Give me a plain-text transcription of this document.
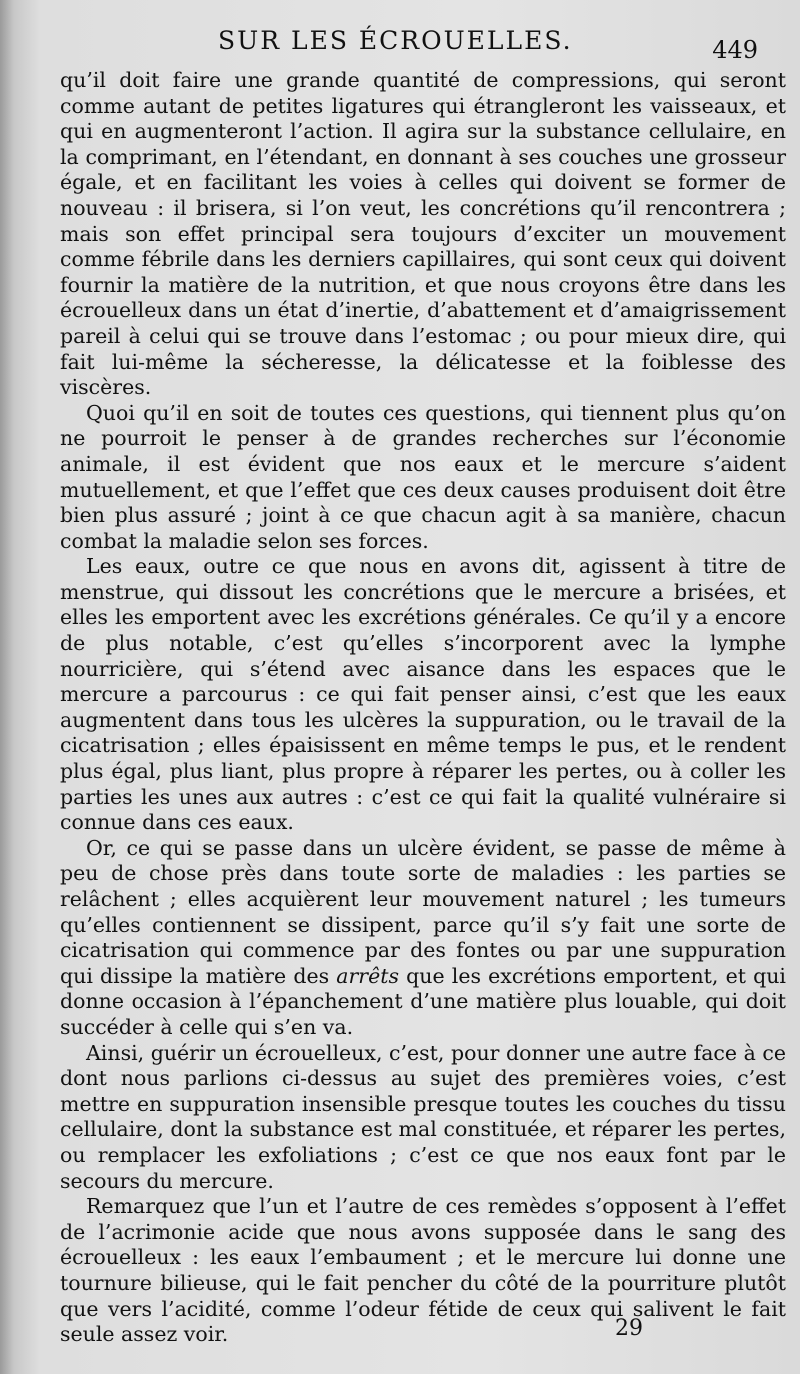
SUR LES ÉCROUELLES.	449

qu’il doit faire une grande quantité de compressions, qui seront comme autant de petites ligatures qui étrangleront les vaisseaux, et qui en augmenteront l’action. Il agira sur la substance cellulaire, en la comprimant, en l’étendant, en donnant à ses couches une grosseur égale, et en facilitant les voies à celles qui doivent se former de nouveau : il brisera, si l’on veut, les concrétions qu’il rencontrera ; mais son effet principal sera toujours d’exciter un mouvement comme fébrile dans les derniers capillaires, qui sont ceux qui doivent fournir la matière de la nutrition, et que nous croyons être dans les écrouelleux dans un état d’inertie, d’abattement et d’amaigrissement pareil à celui qui se trouve dans l’estomac ; ou pour mieux dire, qui fait lui-même la sécheresse, la délicatesse et la foiblesse des viscères.

Quoi qu’il en soit de toutes ces questions, qui tiennent plus qu’on ne pourroit le penser à de grandes recherches sur l’économie animale, il est évident que nos eaux et le mercure s’aident mutuellement, et que l’effet que ces deux causes produisent doit être bien plus assuré ; joint à ce que chacun agit à sa manière, chacun combat la maladie selon ses forces.

Les eaux, outre ce que nous en avons dit, agissent à titre de menstrue, qui dissout les concrétions que le mercure a brisées, et elles les emportent avec les excrétions générales. Ce qu’il y a encore de plus notable, c’est qu’elles s’incorporent avec la lymphe nourricière, qui s’étend avec aisance dans les espaces que le mercure a parcourus : ce qui fait penser ainsi, c’est que les eaux augmentent dans tous les ulcères la suppuration, ou le travail de la cicatrisation ; elles épaisissent en même temps le pus, et le rendent plus égal, plus liant, plus propre à réparer les pertes, ou à coller les parties les unes aux autres : c’est ce qui fait la qualité vulnéraire si connue dans ces eaux.

Or, ce qui se passe dans un ulcère évident, se passe de même à peu de chose près dans toute sorte de maladies : les parties se relâchent ; elles acquièrent leur mouvement naturel ; les tumeurs qu’elles contiennent se dissipent, parce qu’il s’y fait une sorte de cicatrisation qui commence par des fontes ou par une suppuration qui dissipe la matière des arrêts que les excrétions emportent, et qui donne occasion à l’épanchement d’une matière plus louable, qui doit succéder à celle qui s’en va.

Ainsi, guérir un écrouelleux, c’est, pour donner une autre face à ce dont nous parlions ci-dessus au sujet des premières voies, c’est mettre en suppuration insensible presque toutes les couches du tissu cellulaire, dont la substance est mal constituée, et réparer les pertes, ou remplacer les exfoliations ; c’est ce que nos eaux font par le secours du mercure.

Remarquez que l’un et l’autre de ces remèdes s’opposent à l’effet de l’acrimonie acide que nous avons supposée dans le sang des écrouelleux : les eaux l’embaument ; et le mercure lui donne une tournure bilieuse, qui le fait pencher du côté de la pourriture plutôt que vers l’acidité, comme l’odeur fétide de ceux qui salivent le fait seule assez voir.	29
